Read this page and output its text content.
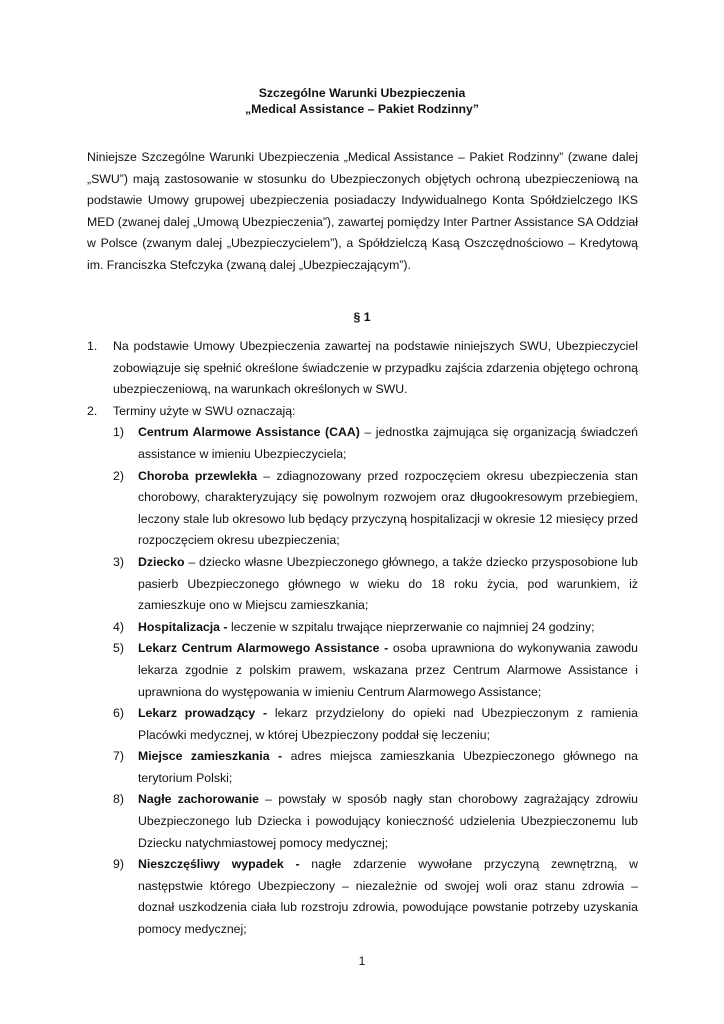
Szczególne Warunki Ubezpieczenia
„Medical Assistance – Pakiet Rodzinny”

Niniejsze Szczególne Warunki Ubezpieczenia „Medical Assistance – Pakiet Rodzinny” (zwane dalej „SWU”) mają zastosowanie w stosunku do Ubezpieczonych objętych ochroną ubezpieczeniową na podstawie Umowy grupowej ubezpieczenia posiadaczy Indywidualnego Konta Spółdzielczego IKS MED (zwanej dalej „Umową Ubezpieczenia”), zawartej pomiędzy Inter Partner Assistance SA Oddział w Polsce (zwanym dalej „Ubezpieczycielem”), a Spółdzielczą Kasą Oszczędnościowo – Kredytową im. Franciszka Stefczyka (zwaną dalej „Ubezpieczającym”).

§ 1
1. Na podstawie Umowy Ubezpieczenia zawartej na podstawie niniejszych SWU, Ubezpieczyciel zobowiązuje się spełnić określone świadczenie w przypadku zajścia zdarzenia objętego ochroną ubezpieczeniową, na warunkach określonych w SWU.
2. Terminy użyte w SWU oznaczają:
1) Centrum Alarmowe Assistance (CAA) – jednostka zajmująca się organizacją świadczeń assistance w imieniu Ubezpieczyciela;
2) Choroba przewlekła – zdiagnozowany przed rozpoczęciem okresu ubezpieczenia stan chorobowy, charakteryzujący się powolnym rozwojem oraz długookresowym przebiegiem, leczony stale lub okresowo lub będący przyczyną hospitalizacji w okresie 12 miesięcy przed rozpoczęciem okresu ubezpieczenia;
3) Dziecko – dziecko własne Ubezpieczonego głównego, a także dziecko przysposobione lub pasierb Ubezpieczonego głównego w wieku do 18 roku życia, pod warunkiem, iż zamieszkuje ono w Miejscu zamieszkania;
4) Hospitalizacja - leczenie w szpitalu trwające nieprzerwanie co najmniej 24 godziny;
5) Lekarz Centrum Alarmowego Assistance - osoba uprawniona do wykonywania zawodu lekarza zgodnie z polskim prawem, wskazana przez Centrum Alarmowe Assistance i uprawniona do występowania w imieniu Centrum Alarmowego Assistance;
6) Lekarz prowadzący - lekarz przydzielony do opieki nad Ubezpieczonym z ramienia Placówki medycznej, w której Ubezpieczony poddał się leczeniu;
7) Miejsce zamieszkania - adres miejsca zamieszkania Ubezpieczonego głównego na terytorium Polski;
8) Nagłe zachorowanie – powstały w sposób nagły stan chorobowy zagrażający zdrowiu Ubezpieczonego lub Dziecka i powodujący konieczność udzielenia Ubezpieczonemu lub Dziecku natychmiastowej pomocy medycznej;
9) Nieszczęśliwy wypadek - nagłe zdarzenie wywołane przyczyną zewnętrzną, w następstwie którego Ubezpieczony – niezależnie od swojej woli oraz stanu zdrowia – doznał uszkodzenia ciała lub rozstroju zdrowia, powodujące powstanie potrzeby uzyskania pomocy medycznej;
1
